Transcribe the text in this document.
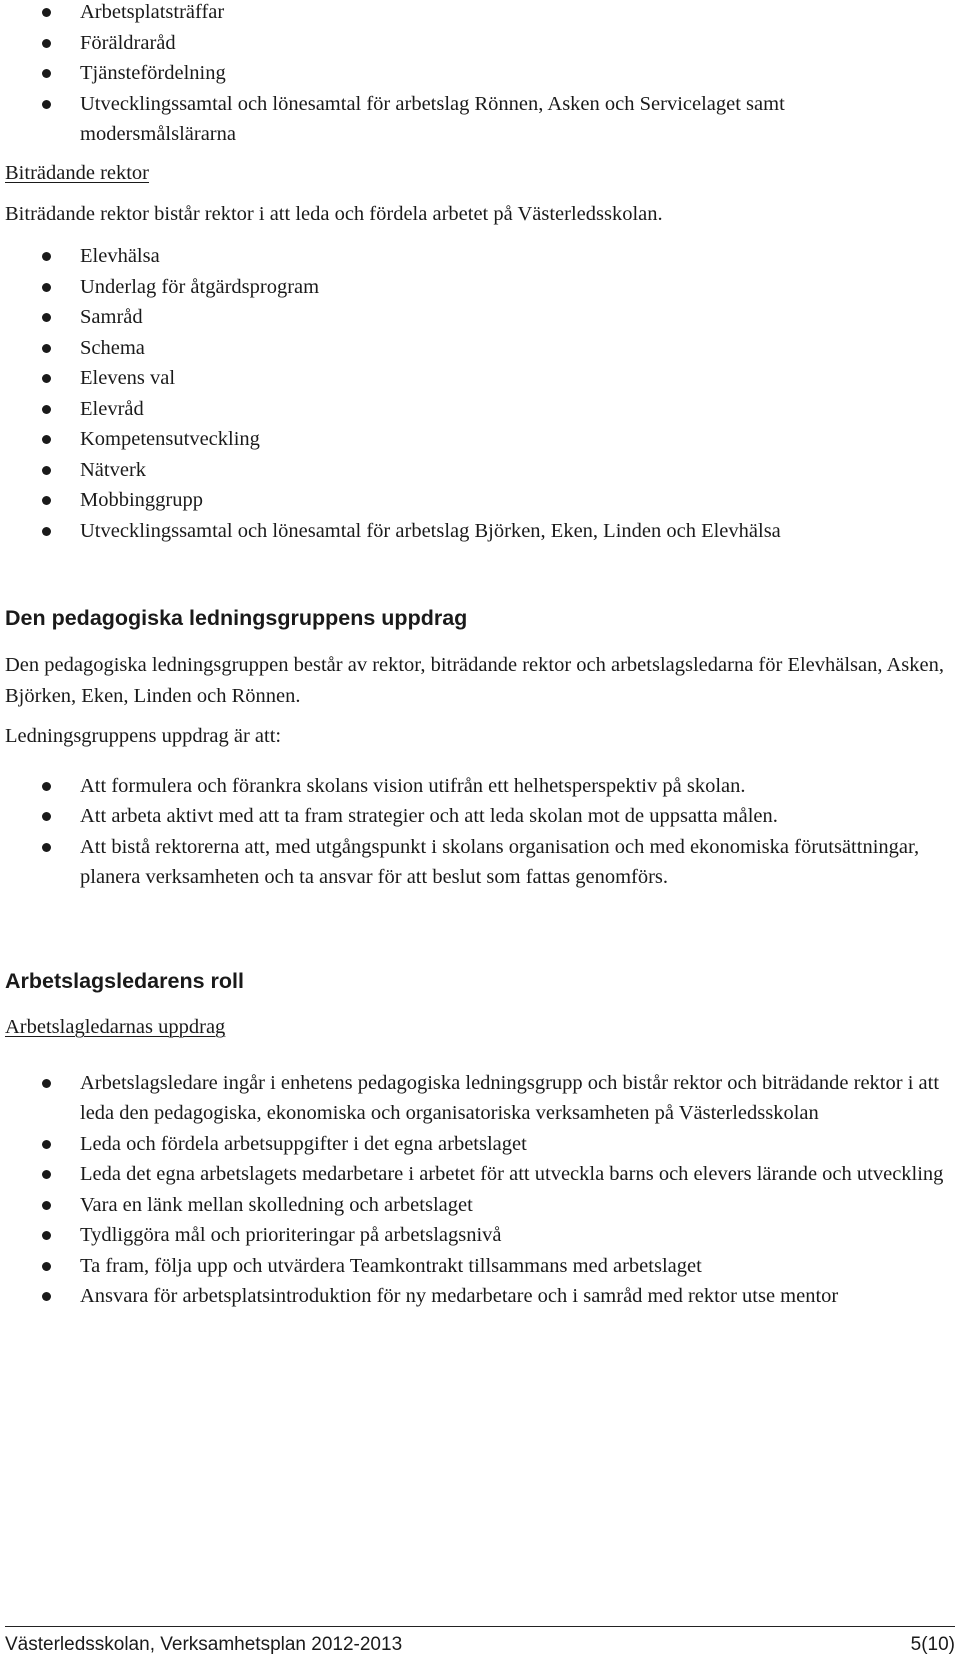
Arbetsplatsträffar
Föräldraråd
Tjänstefördelning
Utvecklingssamtal och lönesamtal för arbetslag Rönnen, Asken och Servicelaget samt modersmålslärarna

Biträdande rektor

Biträdande rektor bistår rektor i att leda och fördela arbetet på Västerledsskolan.

Elevhälsa
Underlag för åtgärdsprogram
Samråd
Schema
Elevens val
Elevråd
Kompetensutveckling
Nätverk
Mobbinggrupp
Utvecklingssamtal och lönesamtal för arbetslag Björken, Eken, Linden och Elevhälsa
Den pedagogiska ledningsgruppens uppdrag

Den pedagogiska ledningsgruppen består av rektor, biträdande rektor och arbetslagsledarna för Elevhälsan, Asken, Björken, Eken, Linden och Rönnen.

Ledningsgruppens uppdrag är att:

Att formulera och förankra skolans vision utifrån ett helhetsperspektiv på skolan.
Att arbeta aktivt med att ta fram strategier och att leda skolan mot de uppsatta målen.
Att bistå rektorerna att, med utgångspunkt i skolans organisation och med ekonomiska förutsättningar, planera verksamheten och ta ansvar för att beslut som fattas genomförs.
Arbetslagsledarens roll

Arbetslagledarnas uppdrag

Arbetslagsledare ingår i enhetens pedagogiska ledningsgrupp och bistår rektor och biträdande rektor i att leda den pedagogiska, ekonomiska och organisatoriska verksamheten på Västerledsskolan
Leda och fördela arbetsuppgifter i det egna arbetslaget
Leda det egna arbetslagets medarbetare i arbetet för att utveckla barns och elevers lärande och utveckling
Vara en länk mellan skolledning och arbetslaget
Tydliggöra mål och prioriteringar på arbetslagsnivå
Ta fram, följa upp och utvärdera Teamkontrakt tillsammans med arbetslaget
Ansvara för arbetsplatsintroduktion för ny medarbetare och i samråd med rektor utse mentor
Västerledsskolan, Verksamhetsplan 2012-2013	5(10)
